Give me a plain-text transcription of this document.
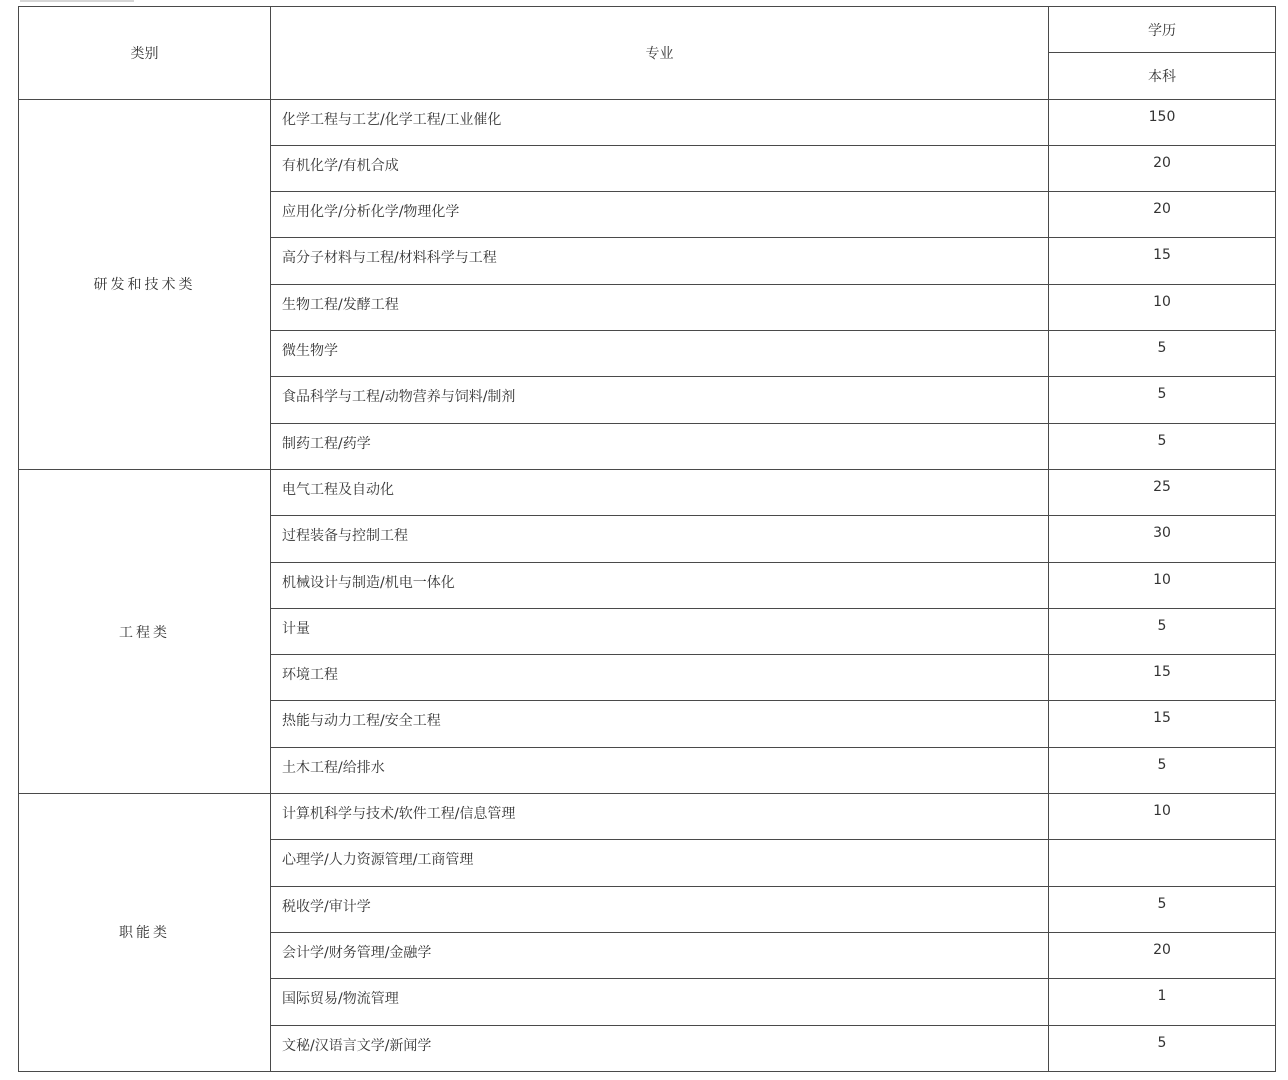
类别	专业	学历
		本科
研发和技术类	化学工程与工艺/化学工程/工业催化	150
	有机化学/有机合成	20
	应用化学/分析化学/物理化学	20
	高分子材料与工程/材料科学与工程	15
	生物工程/发酵工程	10
	微生物学	5
	食品科学与工程/动物营养与饲料/制剂	5
	制药工程/药学	5
工程类	电气工程及自动化	25
	过程装备与控制工程	30
	机械设计与制造/机电一体化	10
	计量	5
	环境工程	15
	热能与动力工程/安全工程	15
	土木工程/给排水	5
职能类	计算机科学与技术/软件工程/信息管理	10
	心理学/人力资源管理/工商管理	
	税收学/审计学	5
	会计学/财务管理/金融学	20
	国际贸易/物流管理	1
	文秘/汉语言文学/新闻学	5
